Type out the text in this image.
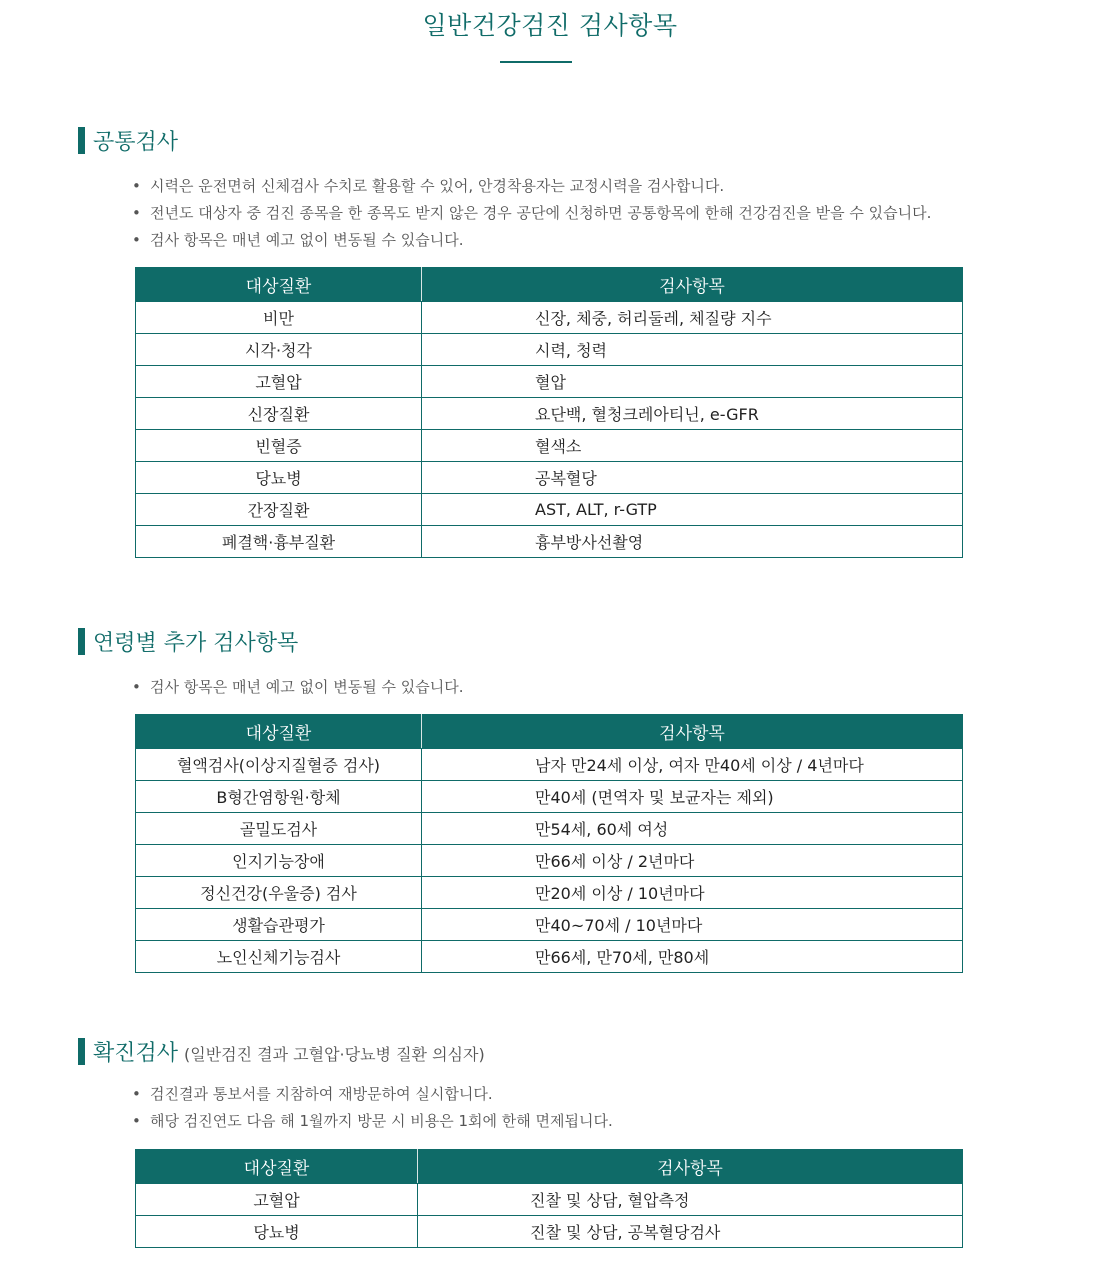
일반건강검진 검사항목
공통검사
• 시력은 운전면허 신체검사 수치로 활용할 수 있어, 안경착용자는 교정시력을 검사합니다.
• 전년도 대상자 중 검진 종목을 한 종목도 받지 않은 경우 공단에 신청하면 공통항목에 한해 건강검진을 받을 수 있습니다.
• 검사 항목은 매년 예고 없이 변동될 수 있습니다.
대상질환	검사항목
비만	신장, 체중, 허리둘레, 체질량 지수
시각·청각	시력, 청력
고혈압	혈압
신장질환	요단백, 혈청크레아티닌, e-GFR
빈혈증	혈색소
당뇨병	공복혈당
간장질환	AST, ALT, r-GTP
폐결핵·흉부질환	흉부방사선촬영
연령별 추가 검사항목
• 검사 항목은 매년 예고 없이 변동될 수 있습니다.
대상질환	검사항목
혈액검사(이상지질혈증 검사)	남자 만24세 이상, 여자 만40세 이상 / 4년마다
B형간염항원·항체	만40세 (면역자 및 보균자는 제외)
골밀도검사	만54세, 60세 여성
인지기능장애	만66세 이상 / 2년마다
정신건강(우울증) 검사	만20세 이상 / 10년마다
생활습관평가	만40~70세 / 10년마다
노인신체기능검사	만66세, 만70세, 만80세
확진검사 (일반검진 결과 고혈압·당뇨병 질환 의심자)
• 검진결과 통보서를 지참하여 재방문하여 실시합니다.
• 해당 검진연도 다음 해 1월까지 방문 시 비용은 1회에 한해 면제됩니다.
대상질환	검사항목
고혈압	진찰 및 상담, 혈압측정
당뇨병	진찰 및 상담, 공복혈당검사
